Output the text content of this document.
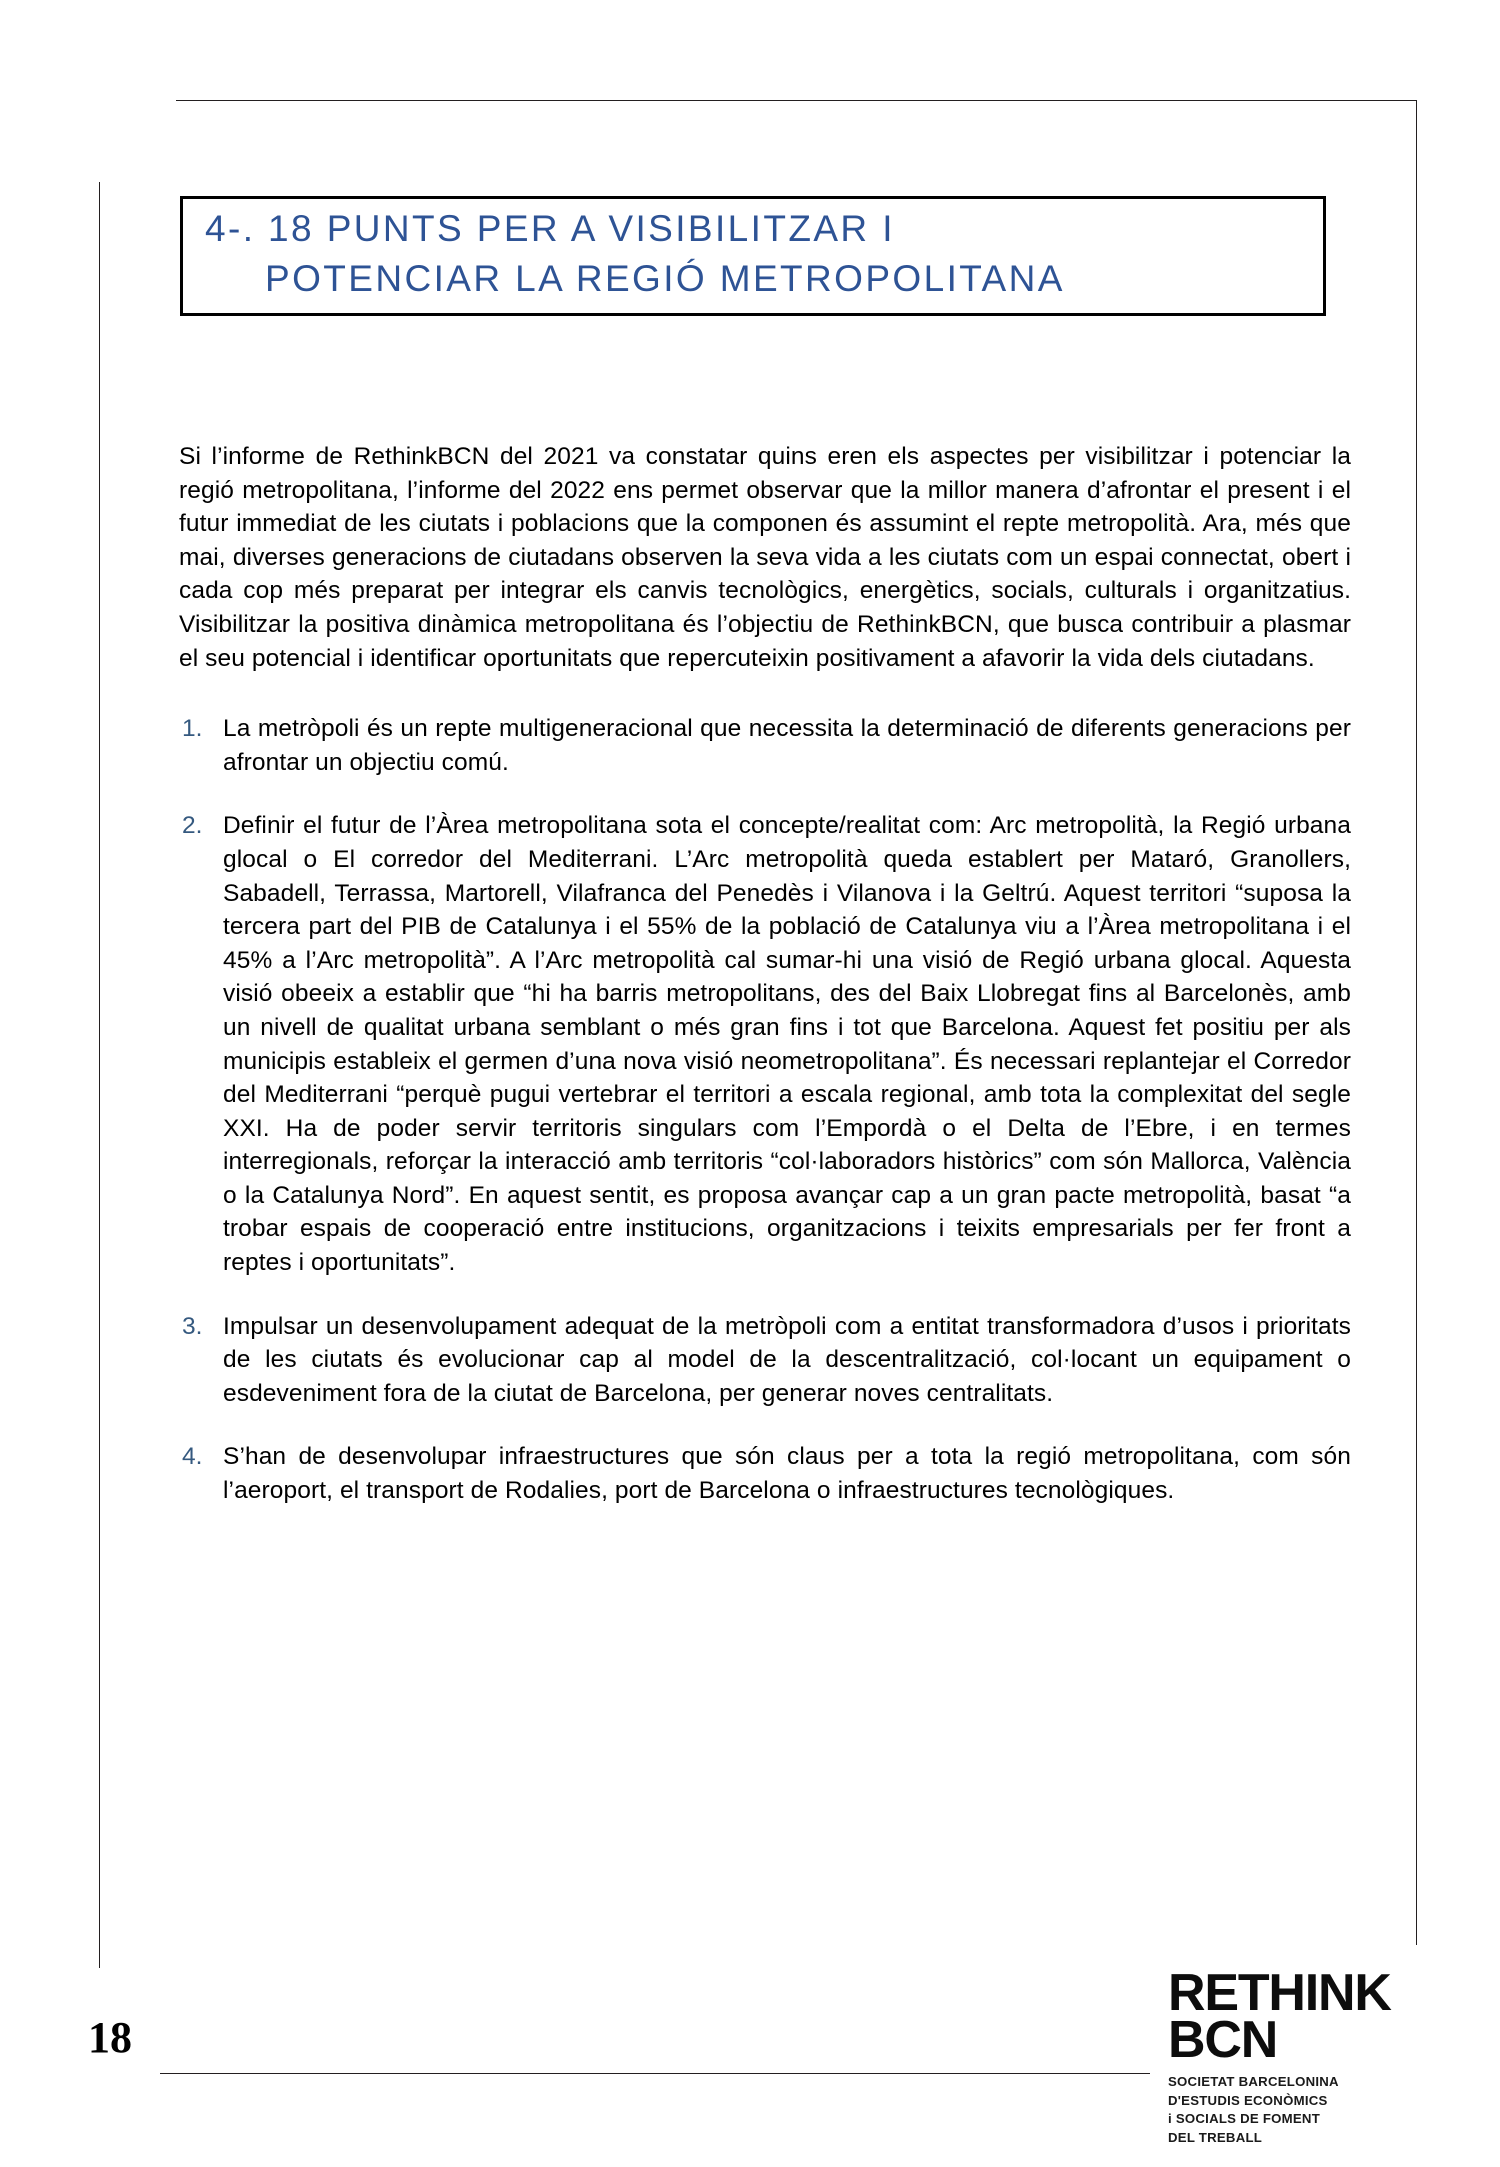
4-. 18 PUNTS PER A VISIBILITZAR I
POTENCIAR LA REGIÓ METROPOLITANA

Si l’informe de RethinkBCN del 2021 va constatar quins eren els aspectes per visibilitzar i potenciar la regió metropolitana, l’informe del 2022 ens permet observar que la millor manera d’afrontar el present i el futur immediat de les ciutats i poblacions que la componen és assumint el repte metropolità. Ara, més que mai, diverses generacions de ciutadans observen la seva vida a les ciutats com un espai connectat, obert i cada cop més preparat per integrar els canvis tecnològics, energètics, socials, culturals i organitzatius. Visibilitzar la positiva dinàmica metropolitana és l’objectiu de RethinkBCN, que busca contribuir a plasmar el seu potencial i identificar oportunitats que repercuteixin positivament a afavorir la vida dels ciutadans.

1. La metròpoli és un repte multigeneracional que necessita la determinació de diferents generacions per afrontar un objectiu comú.
2. Definir el futur de l’Àrea metropolitana sota el concepte/realitat com: Arc metropolità, la Regió urbana glocal o El corredor del Mediterrani. L’Arc metropolità queda establert per Mataró, Granollers, Sabadell, Terrassa, Martorell, Vilafranca del Penedès i Vilanova i la Geltrú. Aquest territori “suposa la tercera part del PIB de Catalunya i el 55% de la població de Catalunya viu a l’Àrea metropolitana i el 45% a l’Arc metropolità”. A l’Arc metropolità cal sumar-hi una visió de Regió urbana glocal. Aquesta visió obeeix a establir que “hi ha barris metropolitans, des del Baix Llobregat fins al Barcelonès, amb un nivell de qualitat urbana semblant o més gran fins i tot que Barcelona. Aquest fet positiu per als municipis estableix el germen d’una nova visió neometropolitana”. És necessari replantejar el Corredor del Mediterrani “perquè pugui vertebrar el territori a escala regional, amb tota la complexitat del segle XXI. Ha de poder servir territoris singulars com l’Empordà o el Delta de l’Ebre, i en termes interregionals, reforçar la interacció amb territoris “col·laboradors històrics” com són Mallorca, València o la Catalunya Nord”. En aquest sentit, es proposa avançar cap a un gran pacte metropolità, basat “a trobar espais de cooperació entre institucions, organitzacions i teixits empresarials per fer front a reptes i oportunitats”.
3. Impulsar un desenvolupament adequat de la metròpoli com a entitat transformadora d’usos i prioritats de les ciutats és evolucionar cap al model de la descentralització, col·locant un equipament o esdeveniment fora de la ciutat de Barcelona, per generar noves centralitats.
4. S’han de desenvolupar infraestructures que són claus per a tota la regió metropolitana, com són l’aeroport, el transport de Rodalies, port de Barcelona o infraestructures tecnològiques.
18
RETHINK
BCN
SOCIETAT BARCELONINA
D'ESTUDIS ECONÒMICS
i SOCIALS DE FOMENT
DEL TREBALL
